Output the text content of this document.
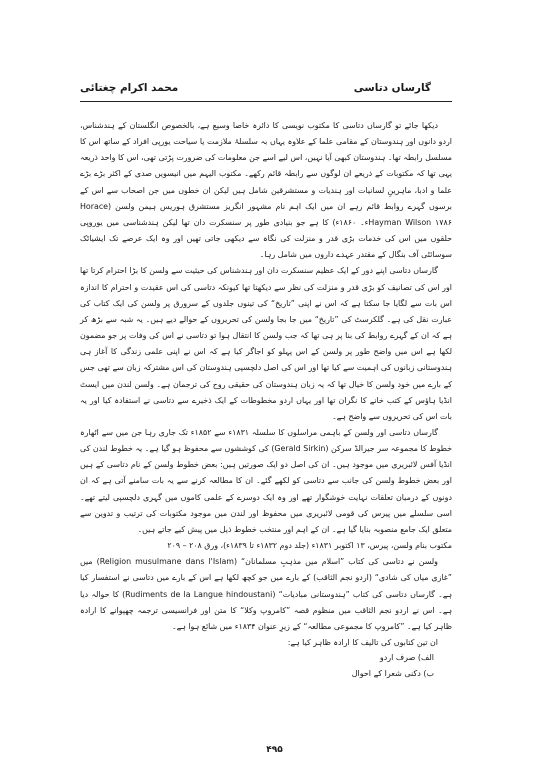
گارساں دتاسی
محمد اکرام چغتائی

دیکھا جائے تو گارساں دتاسی کا مکتوب نویسی کا دائرہ خاصا وسیع ہے، بالخصوص انگلستان کے ہندشناس، اردو دانوں اور ہندوستان کے مقامی علما کے علاوہ یہاں بہ سلسلۂ ملازمت یا سیاحت یورپی افراد کے ساتھ اس کا مسلسل رابطہ تھا۔ ہندوستان کبھی آیا نہیں، اس لیے اسے جن معلومات کی ضرورت پڑتی تھی، اس کا واحد ذریعہ یہی تھا کہ مکتوبات کے ذریعے ان لوگوں سے رابطہ قائم رکھے۔ مکتوب الیہم میں انیسویں صدی کے اکثر بڑے بڑے علما و ادبا، ماہرینِ لسانیات اور ہندیات و مستشرقین شامل ہیں لیکن ان خطوں میں جن اصحاب سے اس کے برسوں گہرے روابط قائم رہے ان میں ایک اہم نام مشہور انگریز مستشرق ہوریس ہیمن ولسن (Horace Hayman Wilson ۱۷۸۶ء۔ ۱۸۶۰ء) کا ہے جو بنیادی طور پر سنسکرت دان تھا لیکن ہندشناسی میں یوروپی حلقوں میں اس کی خدمات بڑی قدر و منزلت کی نگاہ سے دیکھی جاتی تھیں اور وہ ایک عرصے تک ایشیاٹک سوسائٹی آف بنگال کے مقتدر عہدے داروں میں شامل رہا۔

گارساں دتاسی اپنے دور کے ایک عظیم سنسکرت دان اور ہندشناس کی حیثیت سے ولسن کا بڑا احترام کرتا تھا اور اس کی تصانیف کو بڑی قدر و منزلت کی نظر سے دیکھتا تھا کیونکہ دتاسی کی اس عقیدت و احترام کا اندازہ اس بات سے لگایا جا سکتا ہے کہ اس نے اپنی ”تاریخ“ کی تینوں جلدوں کے سرورق پر ولسن کی ایک کتاب کی عبارت نقل کی ہے۔ گلکرسٹ کی ”تاریخ“ میں جا بجا ولسن کی تحریروں کے حوالے دیے ہیں۔ یہ شبہ سے بڑھ کر ہے کہ ان کے گہرے روابط کی بنا پر ہی تھا کہ جب ولسن کا انتقال ہوا تو دتاسی نے اس کی وفات پر جو مضمون لکھا ہے اس میں واضح طور پر ولسن کے اس پہلو کو اجاگر کیا ہے کہ اس نے اپنی علمی زندگی کا آغاز ہی ہندوستانی زبانوں کی اہمیت سے کیا تھا اور اس کی اصل دلچسپی ہندوستان کی اس مشترکہ زبان سے تھی جس کے بارے میں خود ولسن کا خیال تھا کہ یہ زبان ہندوستان کی حقیقی روح کی ترجمان ہے۔ ولسن لندن میں ایسٹ انڈیا ہاؤس کے کتب خانے کا نگران تھا اور یہاں اردو مخطوطات کے ایک ذخیرے سے دتاسی نے استفادہ کیا اور یہ بات اس کی تحریروں سے واضح ہے۔

گارساں دتاسی اور ولسن کے باہمی مراسلوں کا سلسلہ ۱۸۳۱ء سے ۱۸۵۲ء تک جاری رہا جن میں سے اٹھارہ خطوط کا مجموعہ سر جیرالڈ سرکن (Gerald Sirkin) کی کوششوں سے محفوظ ہو گیا ہے۔ یہ خطوط لندن کی انڈیا آفس لائبریری میں موجود ہیں۔ ان کی اصل دو ایک صورتیں ہیں: بعض خطوط ولسن کے نام دتاسی کے ہیں اور بعض خطوط ولسن کی جانب سے دتاسی کو لکھے گئے۔ ان کا مطالعہ کرنے سے یہ بات سامنے آتی ہے کہ ان دونوں کے درمیان تعلقات نہایت خوشگوار تھے اور وہ ایک دوسرے کے علمی کاموں میں گہری دلچسپی لیتے تھے۔ اسی سلسلے میں پیرس کی قومی لائبریری میں محفوظ اور لندن میں موجود مکتوبات کی ترتیب و تدوین سے متعلق ایک جامع منصوبہ بنایا گیا ہے۔ ان کے اہم اور منتخب خطوط ذیل میں پیش کیے جاتے ہیں۔

مکتوب بنام ولسن، پیرس، ۱۳ اکتوبر ۱۸۳۱ء (جلد دوم ۱۸۳۲ء تا ۱۸۳۹ء)، ورق ۲۰۸ – ۲۰۹

ولسن نے دتاسی کی کتاب ”اسلام میں مذہبِ مسلمانان“ (Religion musulmane dans l'Islam) میں ”غازی میاں کی شادی“ (اردو نجم الثاقب) کے بارے میں جو کچھ لکھا ہے اس کے بارے میں دتاسی نے استفسار کیا ہے۔ گارساں دتاسی کی کتاب ”ہندوستانی مبادیات“ (Rudiments de la Langue hindoustani) کا حوالہ دیا ہے۔ اس نے اردو نجم الثاقب میں منظوم قصہ ”کامروپ وکلا“ کا متن اور فرانسیسی ترجمہ چھپوانے کا ارادہ ظاہر کیا ہے۔ ”کامروپ کا مجموعی مطالعہ“ کے زیرِ عنوان ۱۸۳۴ء میں شائع ہوا ہے۔

ان تین کتابوں کی تالیف کا ارادہ ظاہر کیا ہے:

الف) صرف اردو
ب) دکنی شعرا کے احوال
۴۹۵
